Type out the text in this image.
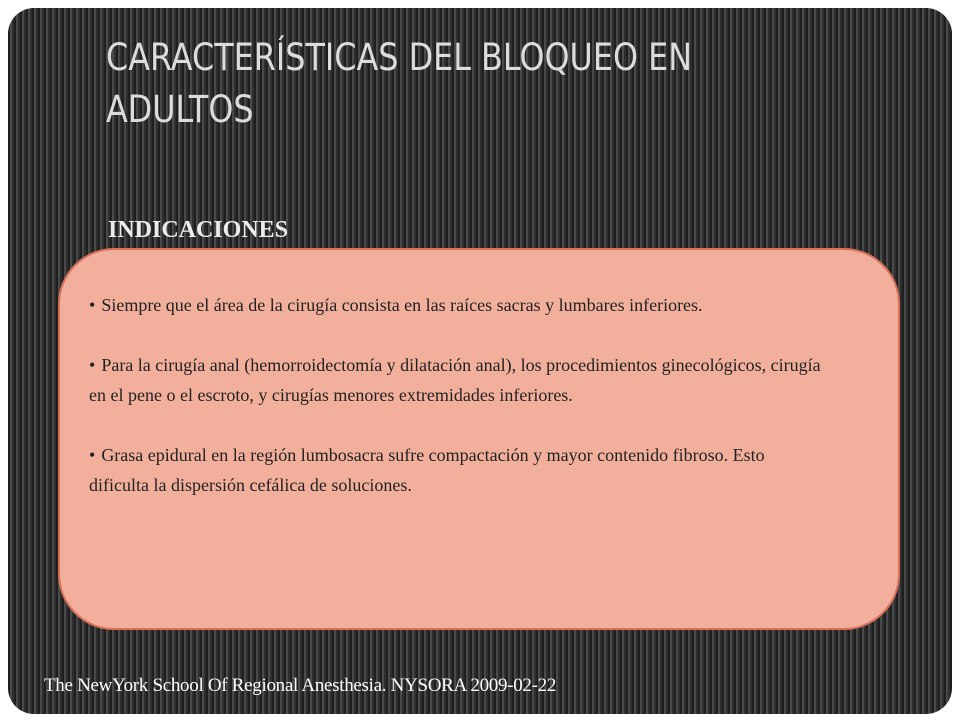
CARACTERÍSTICAS DEL BLOQUEO EN ADULTOS
INDICACIONES
• Siempre que el área de la cirugía consista en las raíces sacras y lumbares inferiores.
• Para la cirugía anal (hemorroidectomía y dilatación anal), los procedimientos ginecológicos, cirugía en el pene o el escroto, y cirugías menores extremidades inferiores.
• Grasa epidural en la región lumbosacra sufre compactación y mayor contenido fibroso. Esto dificulta la dispersión cefálica de soluciones.
The NewYork School Of Regional Anesthesia. NYSORA 2009-02-22
